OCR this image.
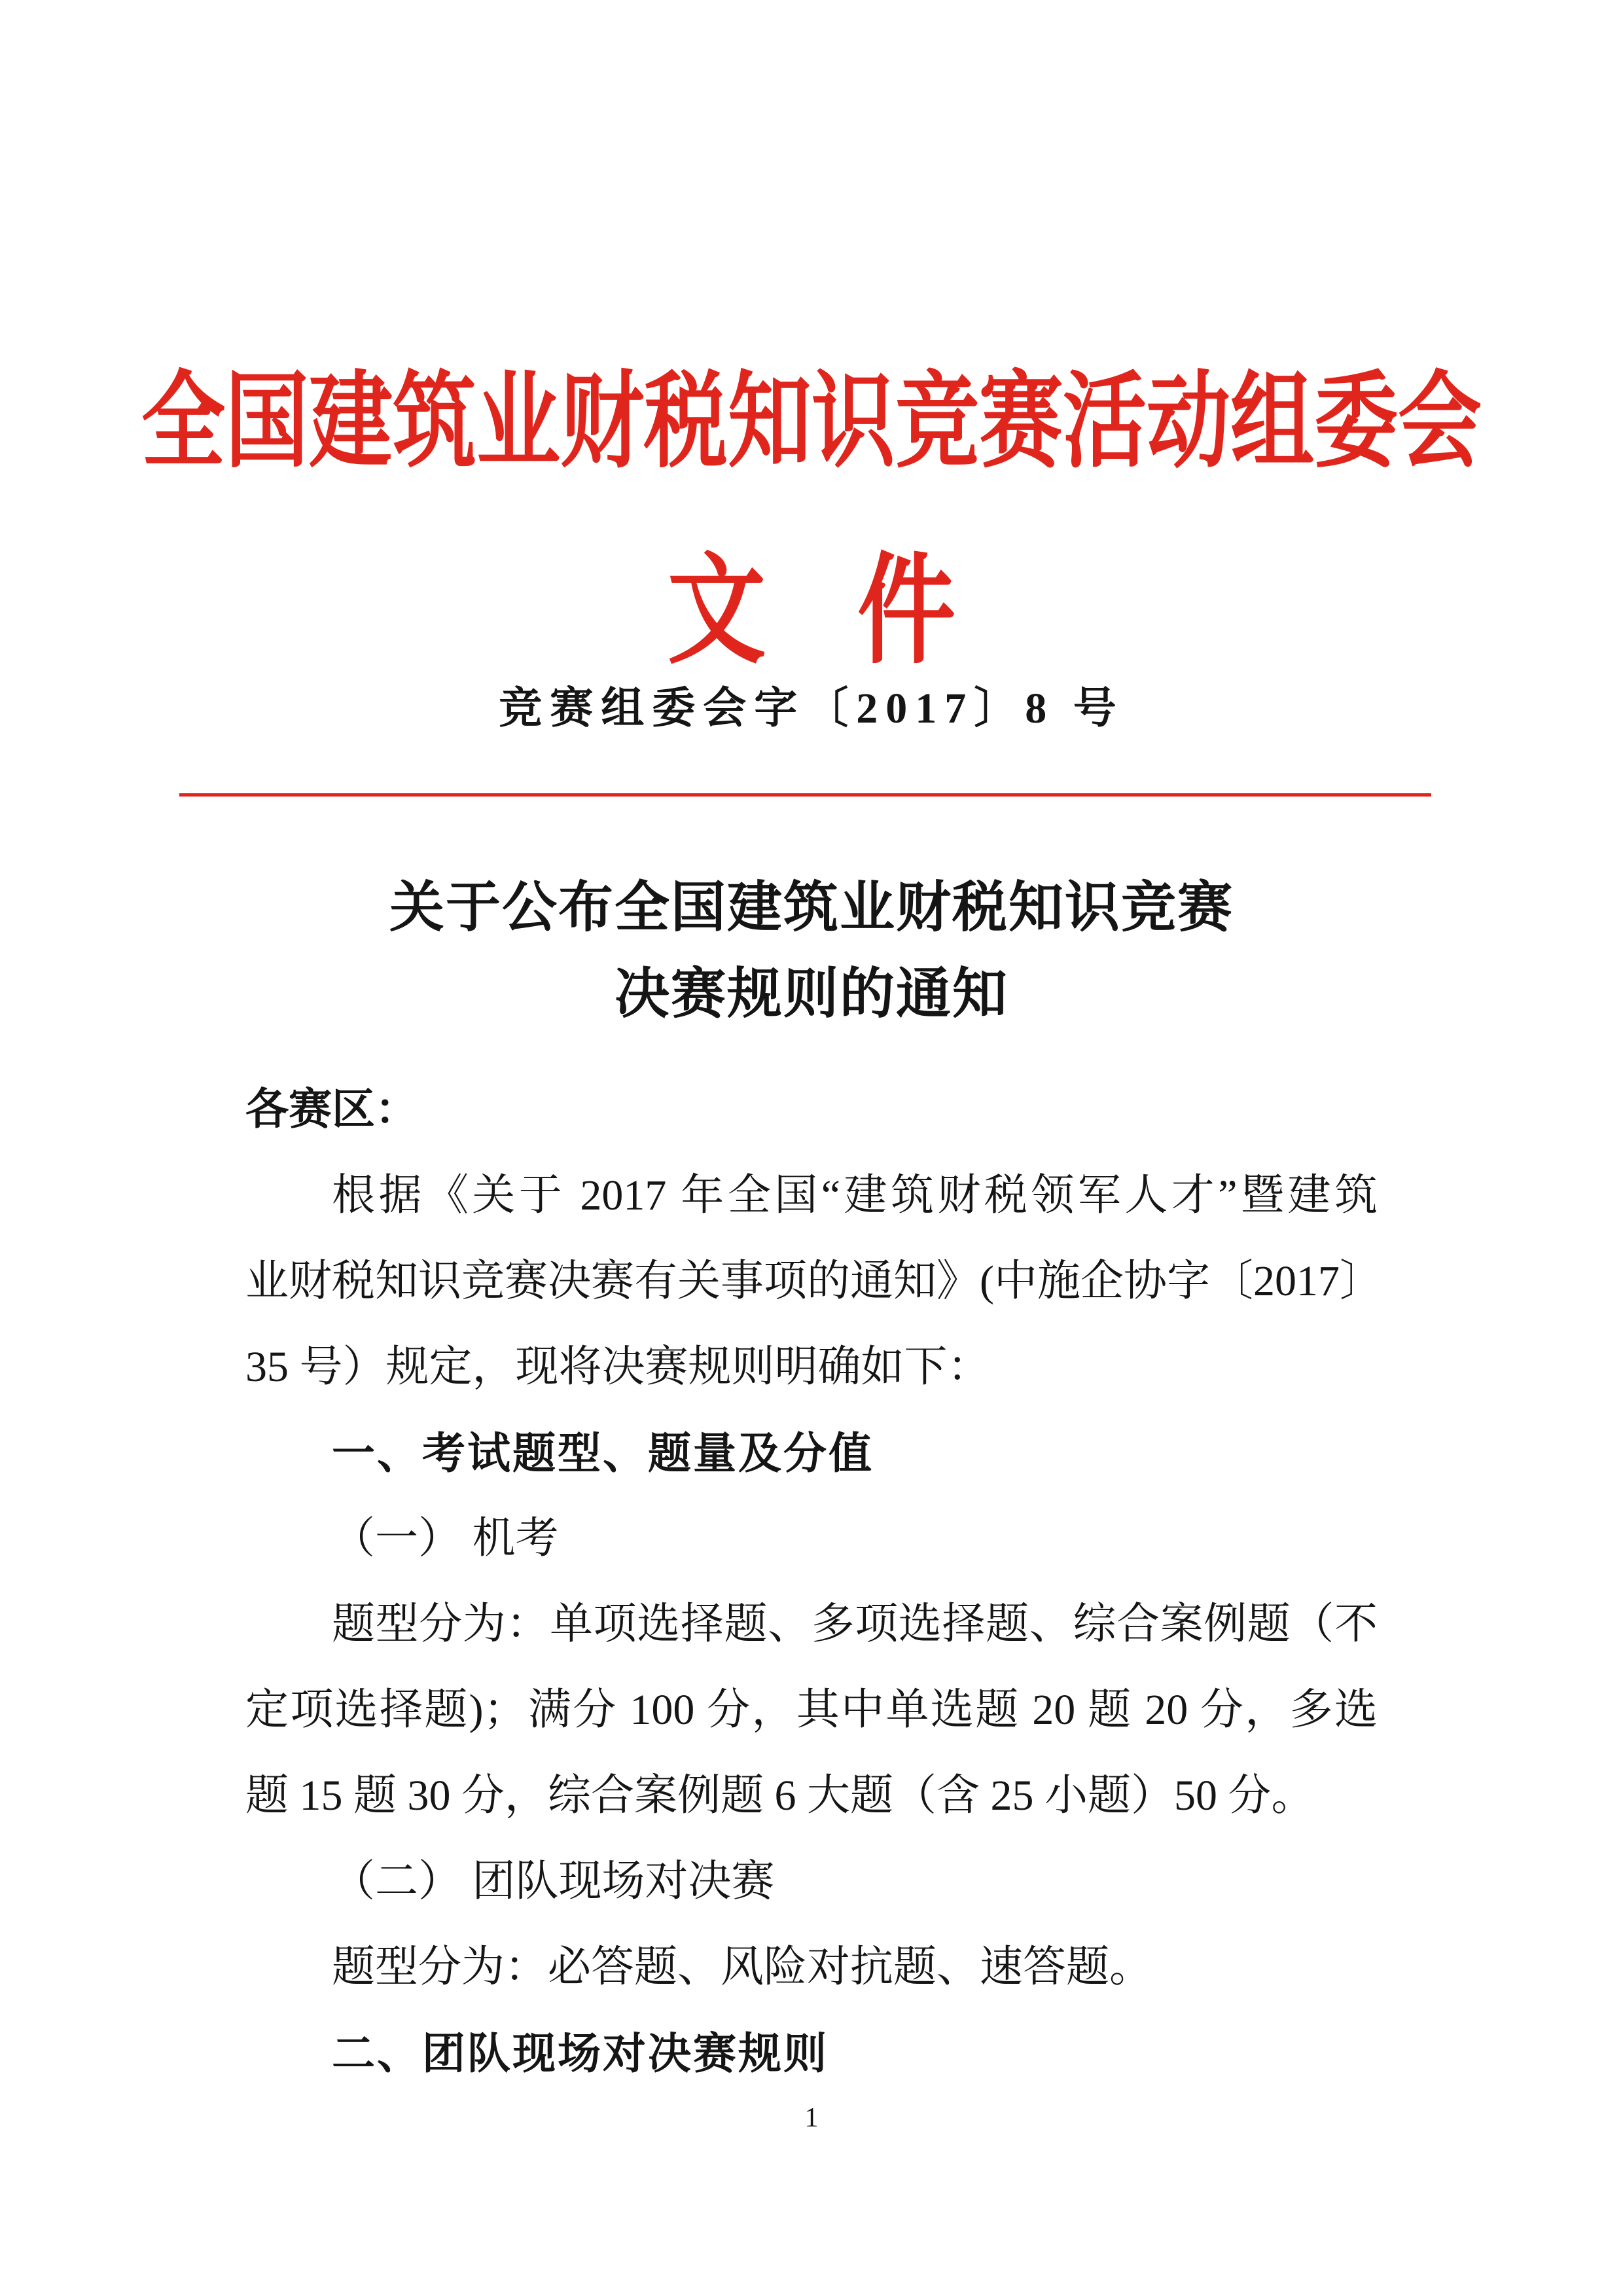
全国建筑业财税知识竞赛活动组委会
文 件
竞赛组委会字〔2017〕8 号
关于公布全国建筑业财税知识竞赛
决赛规则的通知
各赛区：
根据《关于 2017 年全国“建筑财税领军人才”暨建筑
业财税知识竞赛决赛有关事项的通知》(中施企协字〔2017〕
35 号）规定，现将决赛规则明确如下：
一、考试题型、题量及分值
（一） 机考
题型分为：单项选择题、多项选择题、综合案例题（不
定项选择题)；满分 100 分，其中单选题 20 题 20 分，多选
题 15 题 30 分，综合案例题 6 大题（含 25 小题）50 分。
（二） 团队现场对决赛
题型分为：必答题、风险对抗题、速答题。
二、团队现场对决赛规则
1
